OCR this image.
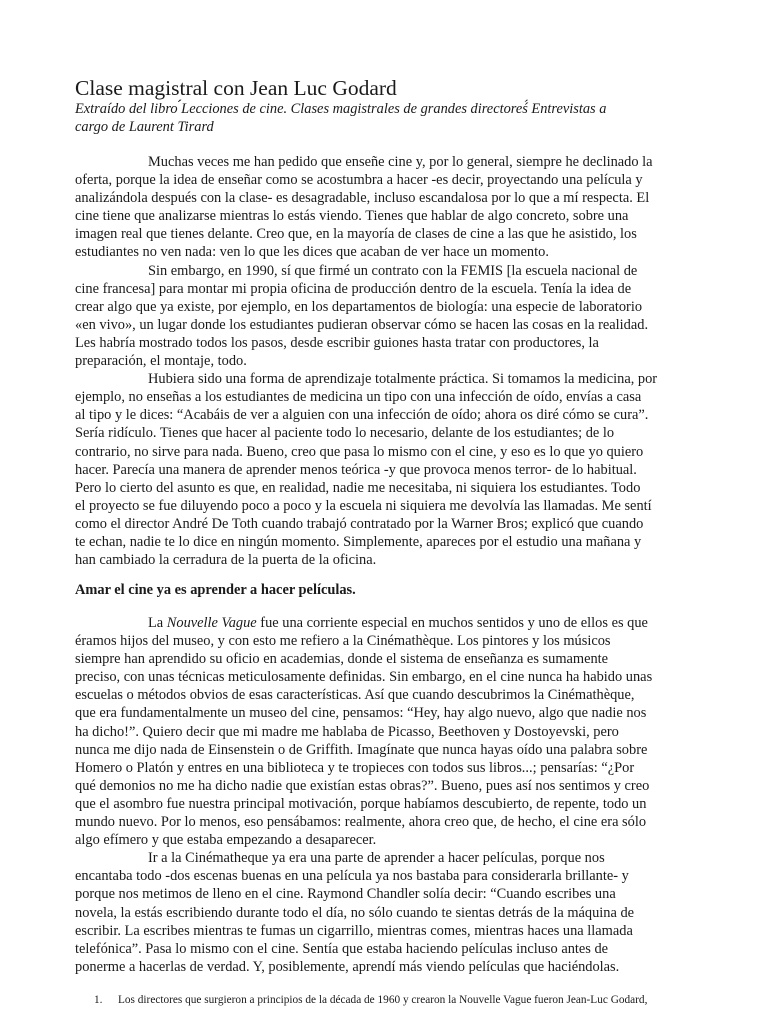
Clase magistral con Jean Luc Godard
Extraído del libro ́́Lecciones de cine. Clases magistrales de grandes directoreś́ Entrevistas a
cargo de Laurent Tirard

Muchas veces me han pedido que enseñe cine y, por lo general, siempre he declinado la
oferta, porque la idea de enseñar como se acostumbra a hacer -es decir, proyectando una película y
analizándola después con la clase- es desagradable, incluso escandalosa por lo que a mí respecta. El
cine tiene que analizarse mientras lo estás viendo. Tienes que hablar de algo concreto, sobre una
imagen real que tienes delante. Creo que, en la mayoría de clases de cine a las que he asistido, los
estudiantes no ven nada: ven lo que les dices que acaban de ver hace un momento.

Sin embargo, en 1990, sí que firmé un contrato con la FEMIS [la escuela nacional de
cine francesa] para montar mi propia oficina de producción dentro de la escuela. Tenía la idea de
crear algo que ya existe, por ejemplo, en los departamentos de biología: una especie de laboratorio
«en vivo», un lugar donde los estudiantes pudieran observar cómo se hacen las cosas en la realidad.
Les habría mostrado todos los pasos, desde escribir guiones hasta tratar con productores, la
preparación, el montaje, todo.

Hubiera sido una forma de aprendizaje totalmente práctica. Si tomamos la medicina, por
ejemplo, no enseñas a los estudiantes de medicina un tipo con una infección de oído, envías a casa
al tipo y le dices: “Acabáis de ver a alguien con una infección de oído; ahora os diré cómo se cura”.
Sería ridículo. Tienes que hacer al paciente todo lo necesario, delante de los estudiantes; de lo
contrario, no sirve para nada. Bueno, creo que pasa lo mismo con el cine, y eso es lo que yo quiero
hacer. Parecía una manera de aprender menos teórica -y que provoca menos terror- de lo habitual.
Pero lo cierto del asunto es que, en realidad, nadie me necesitaba, ni siquiera los estudiantes. Todo
el proyecto se fue diluyendo poco a poco y la escuela ni siquiera me devolvía las llamadas. Me sentí
como el director André De Toth cuando trabajó contratado por la Warner Bros; explicó que cuando
te echan, nadie te lo dice en ningún momento. Simplemente, apareces por el estudio una mañana y
han cambiado la cerradura de la puerta de la oficina.

Amar el cine ya es aprender a hacer películas.

La Nouvelle Vague fue una corriente especial en muchos sentidos y uno de ellos es que
éramos hijos del museo, y con esto me refiero a la Cinémathèque. Los pintores y los músicos
siempre han aprendido su oficio en academias, donde el sistema de enseñanza es sumamente
preciso, con unas técnicas meticulosamente definidas. Sin embargo, en el cine nunca ha habido unas
escuelas o métodos obvios de esas características. Así que cuando descubrimos la Cinémathèque,
que era fundamentalmente un museo del cine, pensamos: “Hey, hay algo nuevo, algo que nadie nos
ha dicho!”. Quiero decir que mi madre me hablaba de Picasso, Beethoven y Dostoyevski, pero
nunca me dijo nada de Einsenstein o de Griffith. Imagínate que nunca hayas oído una palabra sobre
Homero o Platón y entres en una biblioteca y te tropieces con todos sus libros...; pensarías: “¿Por
qué demonios no me ha dicho nadie que existían estas obras?”. Bueno, pues así nos sentimos y creo
que el asombro fue nuestra principal motivación, porque habíamos descubierto, de repente, todo un
mundo nuevo. Por lo menos, eso pensábamos: realmente, ahora creo que, de hecho, el cine era sólo
algo efímero y que estaba empezando a desaparecer.

Ir a la Cinématheque ya era una parte de aprender a hacer películas, porque nos
encantaba todo -dos escenas buenas en una película ya nos bastaba para considerarla brillante- y
porque nos metimos de lleno en el cine. Raymond Chandler solía decir: “Cuando escribes una
novela, la estás escribiendo durante todo el día, no sólo cuando te sientas detrás de la máquina de
escribir. La escribes mientras te fumas un cigarrillo, mientras comes, mientras haces una llamada
telefónica”. Pasa lo mismo con el cine. Sentía que estaba haciendo películas incluso antes de
ponerme a hacerlas de verdad. Y, posiblemente, aprendí más viendo películas que haciéndolas.

1. Los directores que surgieron a principios de la década de 1960 y crearon la Nouvelle Vague fueron Jean-Luc Godard,
